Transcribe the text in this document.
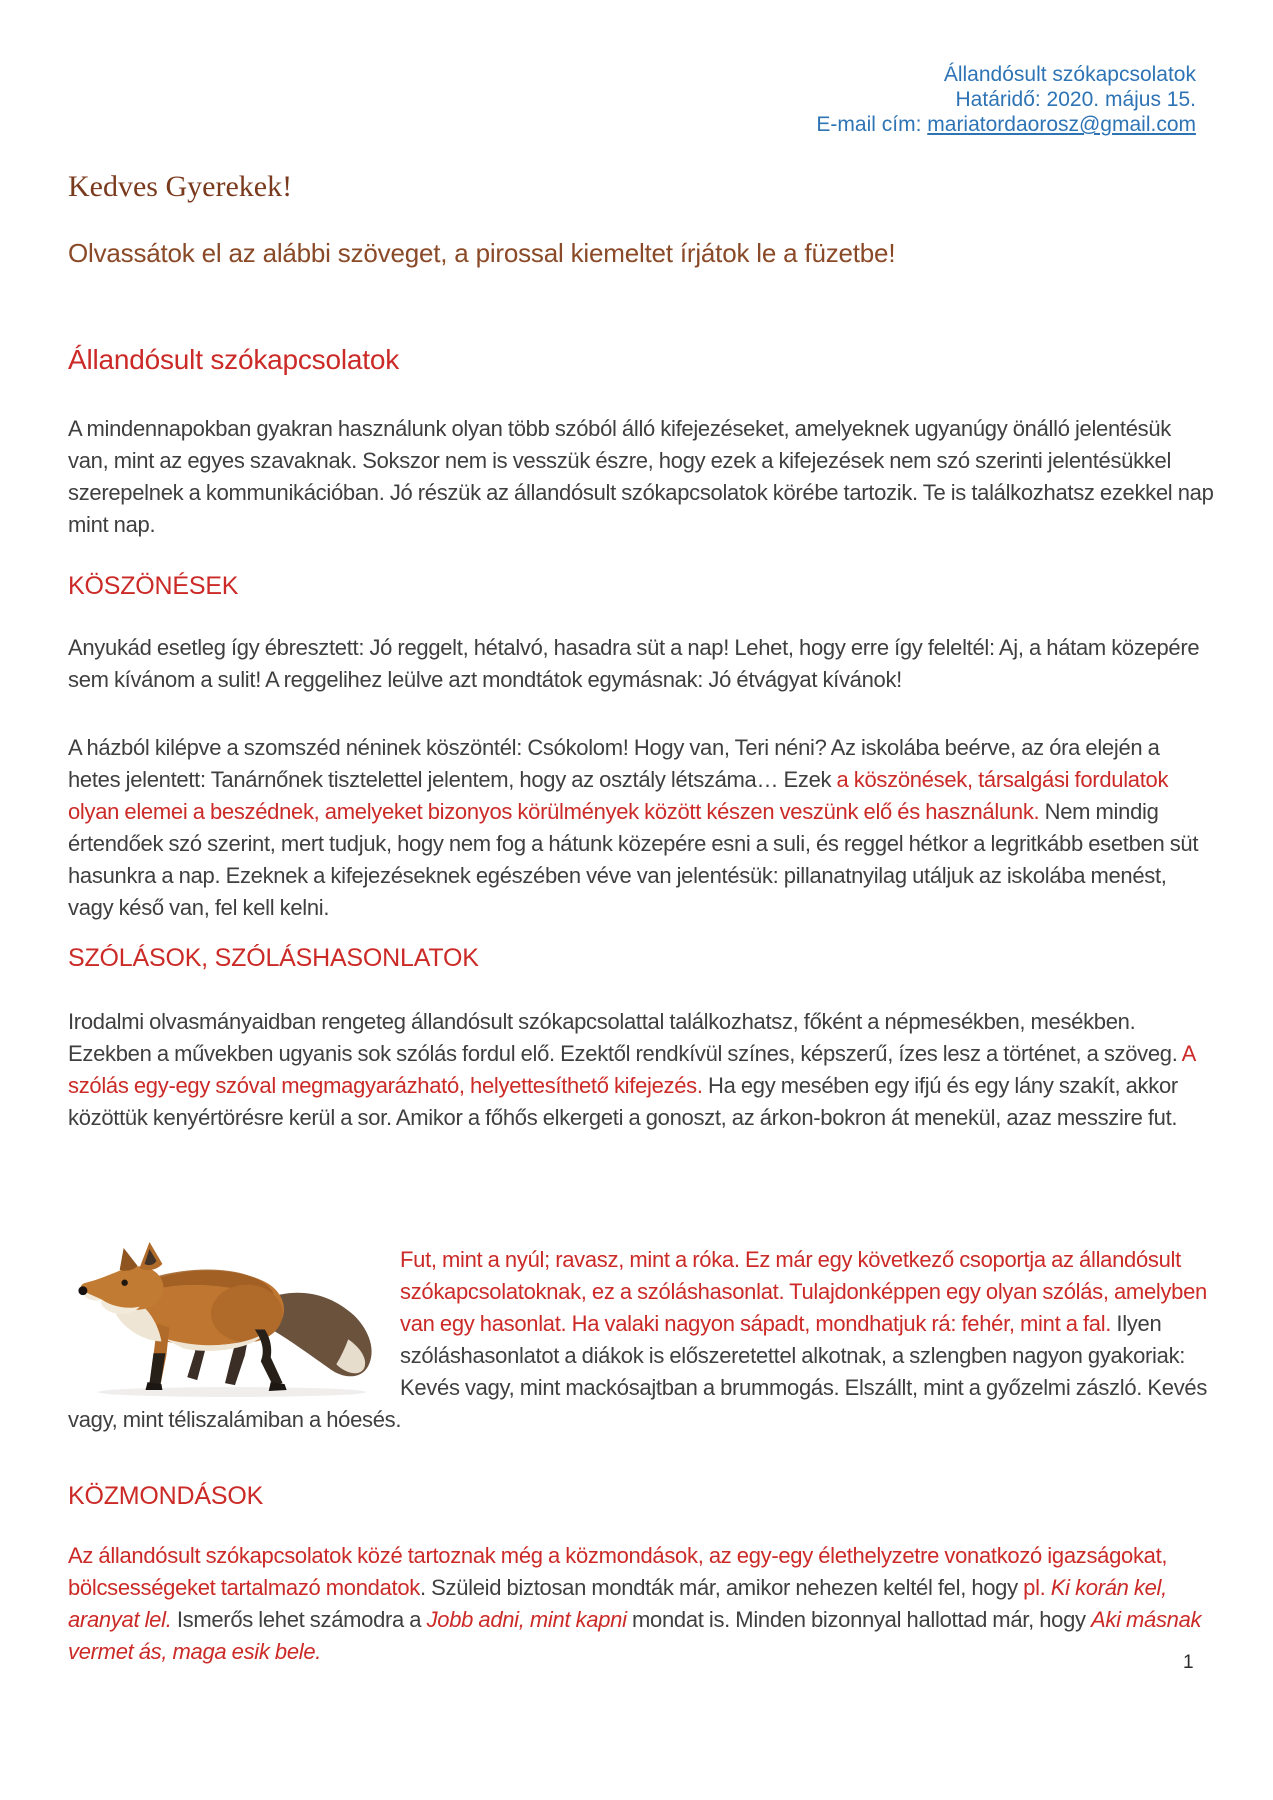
Állandósult szókapcsolatok
Határidő: 2020. május 15.
E-mail cím: mariatordaorosz@gmail.com
Kedves Gyerekek!
Olvassátok el az alábbi szöveget, a pirossal kiemeltet írjátok le a füzetbe!
Állandósult szókapcsolatok
A mindennapokban gyakran használunk olyan több szóból álló kifejezéseket, amelyeknek ugyanúgy önálló jelentésük van, mint az egyes szavaknak. Sokszor nem is vesszük észre, hogy ezek a kifejezések nem szó szerinti jelentésükkel szerepelnek a kommunikációban. Jó részük az állandósult szókapcsolatok körébe tartozik. Te is találkozhatsz ezekkel nap mint nap.
KÖSZÖNÉSEK
Anyukád esetleg így ébresztett: Jó reggelt, hétalvó, hasadra süt a nap! Lehet, hogy erre így feleltél: Aj, a hátam közepére sem kívánom a sulit! A reggelihez leülve azt mondtátok egymásnak: Jó étvágyat kívánok!
A házból kilépve a szomszéd néninek köszöntél: Csókolom! Hogy van, Teri néni? Az iskolába beérve, az óra elején a hetes jelentett: Tanárnőnek tisztelettel jelentem, hogy az osztály létszáma… Ezek a köszönések, társalgási fordulatok olyan elemei a beszédnek, amelyeket bizonyos körülmények között készen veszünk elő és használunk. Nem mindig értendőek szó szerint, mert tudjuk, hogy nem fog a hátunk közepére esni a suli, és reggel hétkor a legritkább esetben süt hasunkra a nap. Ezeknek a kifejezéseknek egészében véve van jelentésük: pillanatnyilag utáljuk az iskolába menést, vagy késő van, fel kell kelni.
SZÓLÁSOK, SZÓLÁSHASONLATOK
Irodalmi olvasmányaidban rengeteg állandósult szókapcsolattal találkozhatsz, főként a népmesékben, mesékben. Ezekben a művekben ugyanis sok szólás fordul elő. Ezektől rendkívül színes, képszerű, ízes lesz a történet, a szöveg. A szólás egy-egy szóval megmagyarázható, helyettesíthető kifejezés. Ha egy mesében egy ifjú és egy lány szakít, akkor közöttük kenyértörésre kerül a sor. Amikor a főhős elkergeti a gonoszt, az árkon-bokron át menekül, azaz messzire fut.
Fut, mint a nyúl; ravasz, mint a róka. Ez már egy következő csoportja az állandósult szókapcsolatoknak, ez a szóláshasonlat. Tulajdonképpen egy olyan szólás, amelyben van egy hasonlat. Ha valaki nagyon sápadt, mondhatjuk rá: fehér, mint a fal. Ilyen szóláshasonlatot a diákok is előszeretettel alkotnak, a szlengben nagyon gyakoriak: Kevés vagy, mint mackósajtban a brummogás. Elszállt, mint a győzelmi zászló. Kevés vagy, mint téliszalámiban a hóesés.
KÖZMONDÁSOK
Az állandósult szókapcsolatok közé tartoznak még a közmondások, az egy-egy élethelyzetre vonatkozó igazságokat, bölcsességeket tartalmazó mondatok. Szüleid biztosan mondták már, amikor nehezen keltél fel, hogy pl. Ki korán kel, aranyat lel. Ismerős lehet számodra a Jobb adni, mint kapni mondat is. Minden bizonnyal hallottad már, hogy Aki másnak vermet ás, maga esik bele.	1
